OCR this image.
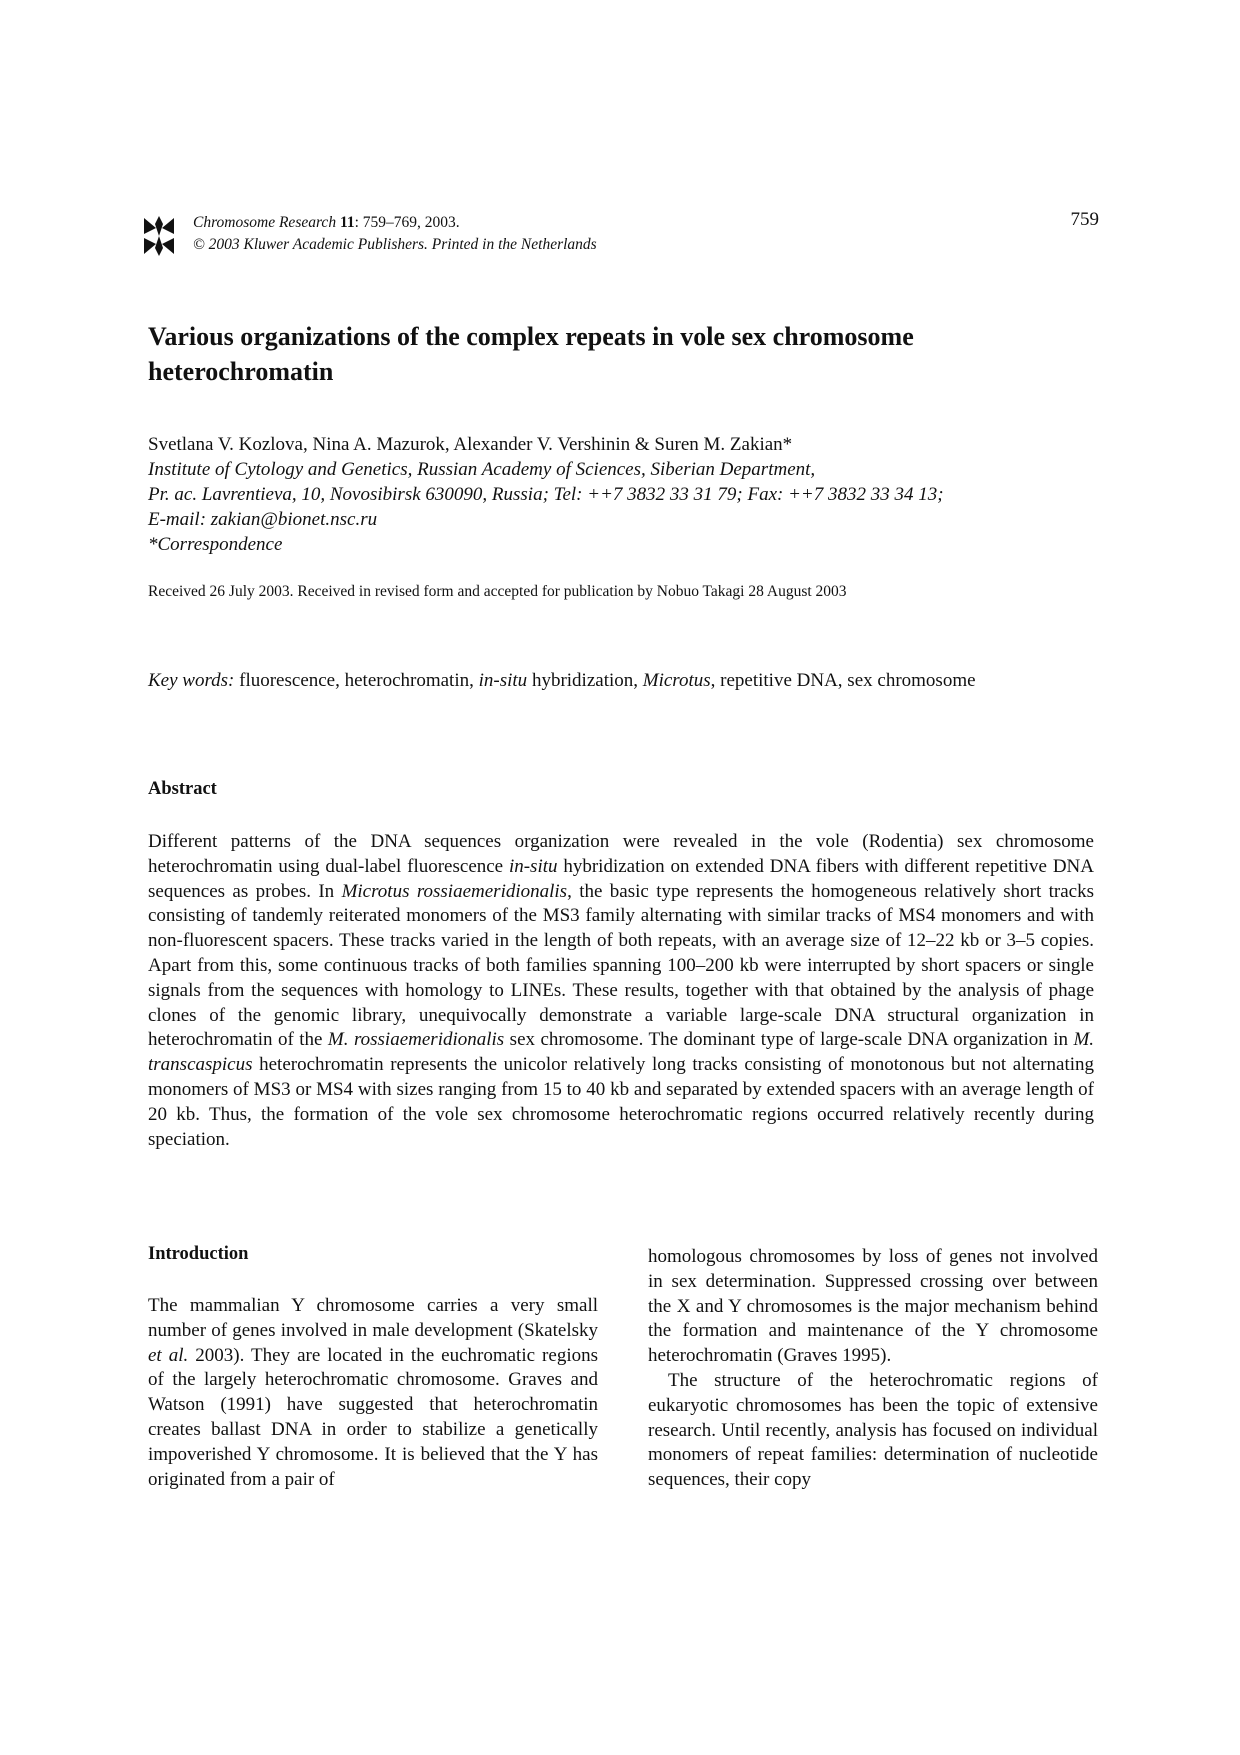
Chromosome Research 11: 759–769, 2003.
© 2003 Kluwer Academic Publishers. Printed in the Netherlands
759
Various organizations of the complex repeats in vole sex chromosome heterochromatin
Svetlana V. Kozlova, Nina A. Mazurok, Alexander V. Vershinin & Suren M. Zakian*
Institute of Cytology and Genetics, Russian Academy of Sciences, Siberian Department,
Pr. ac. Lavrentieva, 10, Novosibirsk 630090, Russia; Tel: ++7 3832 33 31 79; Fax: ++7 3832 33 34 13;
E-mail: zakian@bionet.nsc.ru
*Correspondence
Received 26 July 2003. Received in revised form and accepted for publication by Nobuo Takagi 28 August 2003
Key words: fluorescence, heterochromatin, in-situ hybridization, Microtus, repetitive DNA, sex chromosome
Abstract

Different patterns of the DNA sequences organization were revealed in the vole (Rodentia) sex chromosome heterochromatin using dual-label fluorescence in-situ hybridization on extended DNA fibers with different repetitive DNA sequences as probes. In Microtus rossiaemeridionalis, the basic type represents the homogeneous relatively short tracks consisting of tandemly reiterated monomers of the MS3 family alternating with similar tracks of MS4 monomers and with non-fluorescent spacers. These tracks varied in the length of both repeats, with an average size of 12–22 kb or 3–5 copies. Apart from this, some continuous tracks of both families spanning 100–200 kb were interrupted by short spacers or single signals from the sequences with homology to LINEs. These results, together with that obtained by the analysis of phage clones of the genomic library, unequivocally demonstrate a variable large-scale DNA structural organization in heterochromatin of the M. rossiaemeridionalis sex chromosome. The dominant type of large-scale DNA organization in M. transcaspicus heterochromatin represents the unicolor relatively long tracks consisting of monotonous but not alternating monomers of MS3 or MS4 with sizes ranging from 15 to 40 kb and separated by extended spacers with an average length of 20 kb. Thus, the formation of the vole sex chromosome heterochromatic regions occurred relatively recently during speciation.

Introduction

The mammalian Y chromosome carries a very small number of genes involved in male development (Skatelsky et al. 2003). They are located in the euchromatic regions of the largely heterochromatic chromosome. Graves and Watson (1991) have suggested that heterochromatin creates ballast DNA in order to stabilize a genetically impoverished Y chromosome. It is believed that the Y has originated from a pair of

homologous chromosomes by loss of genes not involved in sex determination. Suppressed crossing over between the X and Y chromosomes is the major mechanism behind the formation and maintenance of the Y chromosome heterochromatin (Graves 1995).

The structure of the heterochromatic regions of eukaryotic chromosomes has been the topic of extensive research. Until recently, analysis has focused on individual monomers of repeat families: determination of nucleotide sequences, their copy
